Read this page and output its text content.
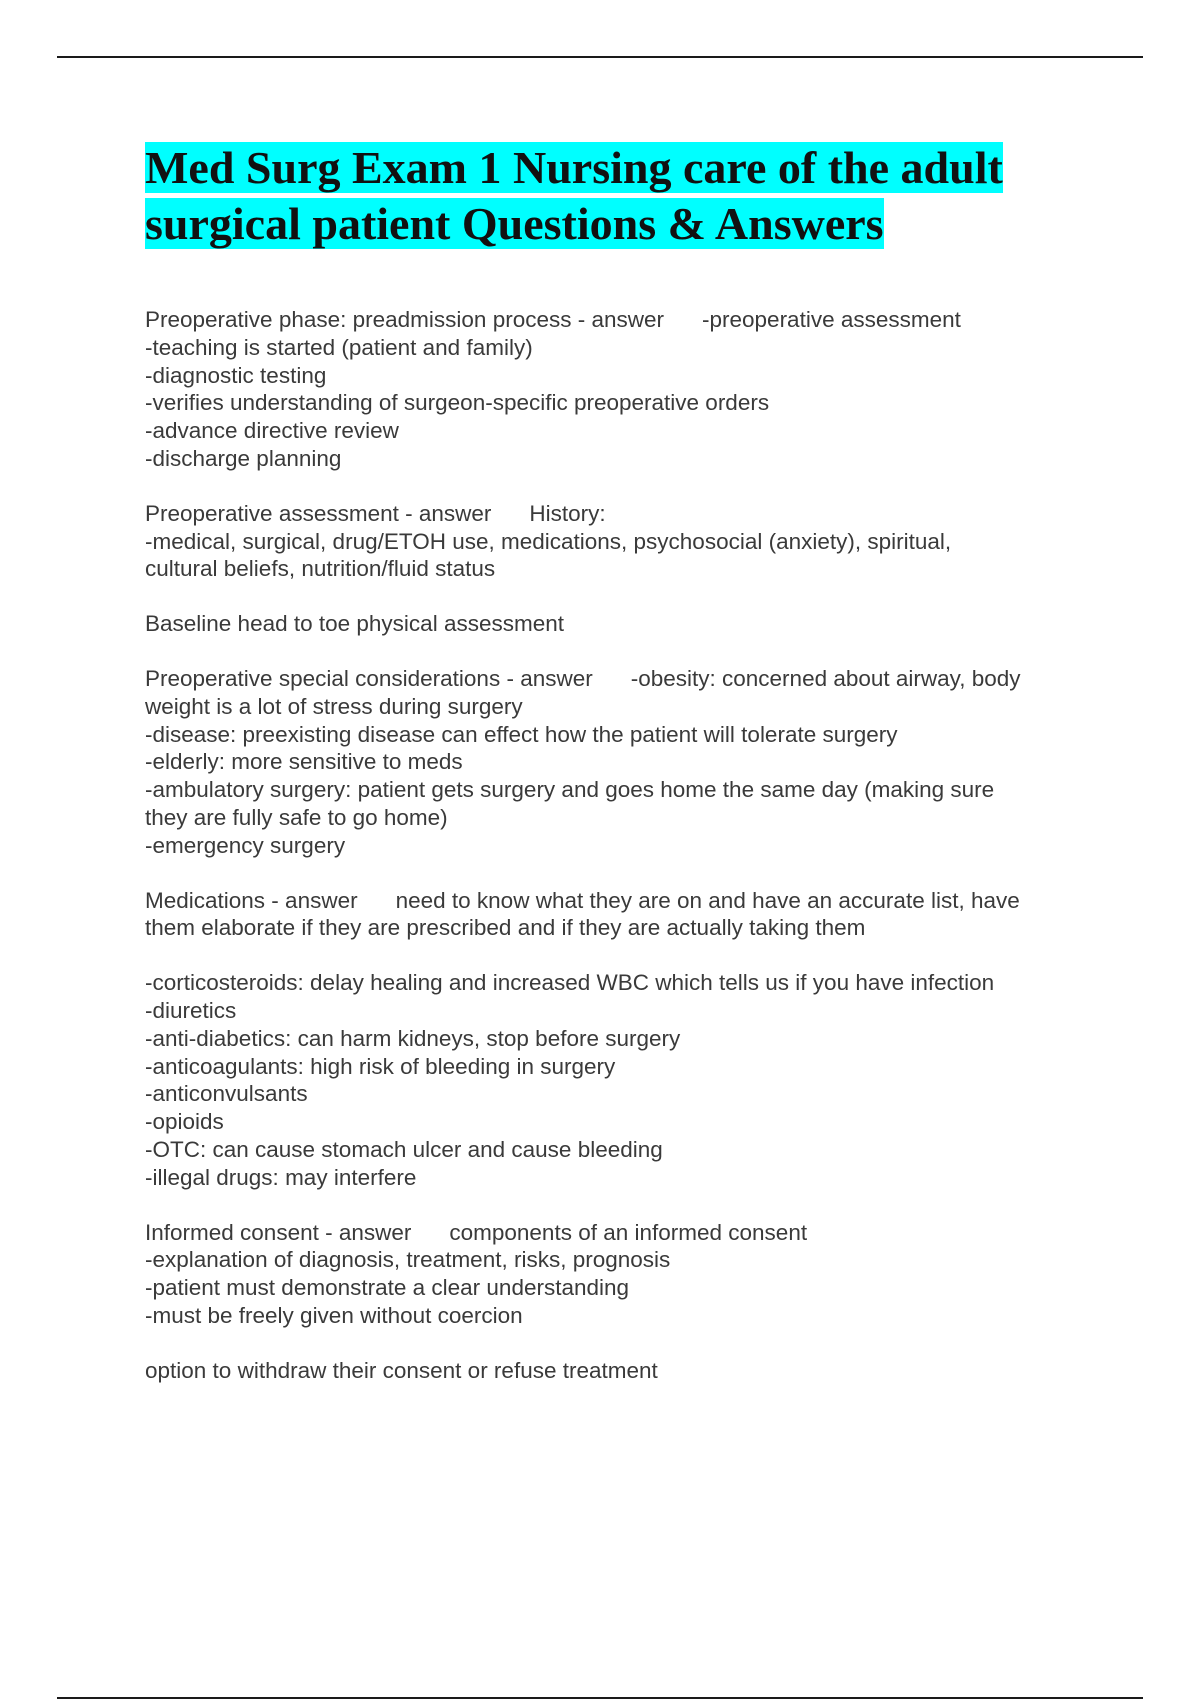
Med Surg Exam 1 Nursing care of the adult
surgical patient Questions & Answers
Preoperative phase: preadmission process - answer -preoperative assessment
-teaching is started (patient and family)
-diagnostic testing
-verifies understanding of surgeon-specific preoperative orders
-advance directive review
-discharge planning
Preoperative assessment - answer History:
-medical, surgical, drug/ETOH use, medications, psychosocial (anxiety), spiritual,
cultural beliefs, nutrition/fluid status
Baseline head to toe physical assessment
Preoperative special considerations - answer -obesity: concerned about airway, body
weight is a lot of stress during surgery
-disease: preexisting disease can effect how the patient will tolerate surgery
-elderly: more sensitive to meds
-ambulatory surgery: patient gets surgery and goes home the same day (making sure
they are fully safe to go home)
-emergency surgery
Medications - answer need to know what they are on and have an accurate list, have
them elaborate if they are prescribed and if they are actually taking them
-corticosteroids: delay healing and increased WBC which tells us if you have infection
-diuretics
-anti-diabetics: can harm kidneys, stop before surgery
-anticoagulants: high risk of bleeding in surgery
-anticonvulsants
-opioids
-OTC: can cause stomach ulcer and cause bleeding
-illegal drugs: may interfere
Informed consent - answer components of an informed consent
-explanation of diagnosis, treatment, risks, prognosis
-patient must demonstrate a clear understanding
-must be freely given without coercion
option to withdraw their consent or refuse treatment
